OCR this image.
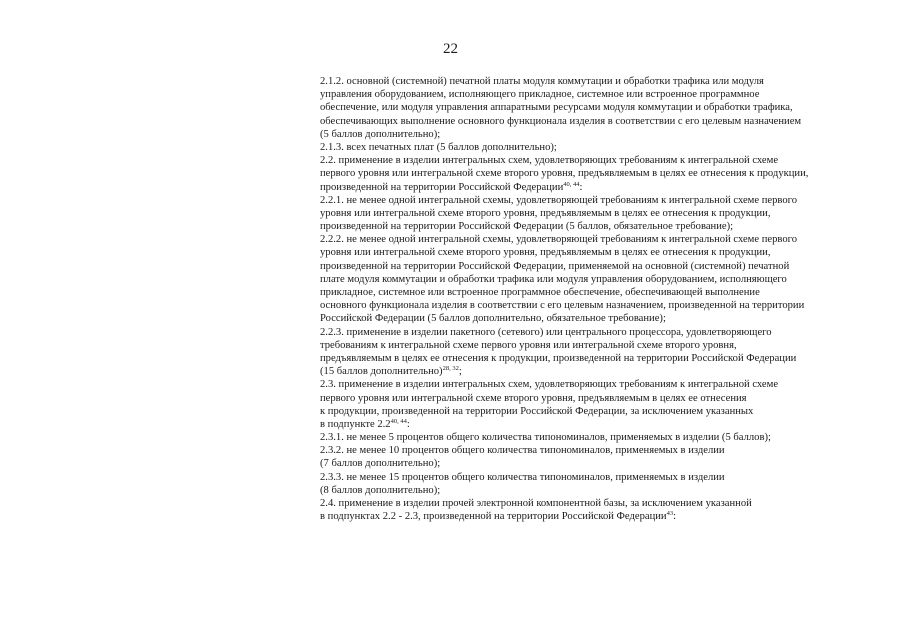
22
2.1.2. основной (системной) печатной платы модуля коммутации и обработки трафика или модуля
управления оборудованием, исполняющего прикладное, системное или встроенное программное
обеспечение, или модуля управления аппаратными ресурсами модуля коммутации и обработки трафика,
обеспечивающих выполнение основного функционала изделия в соответствии с его целевым назначением
(5 баллов дополнительно);
2.1.3. всех печатных плат (5 баллов дополнительно);
2.2. применение в изделии интегральных схем, удовлетворяющих требованиям к интегральной схеме
первого уровня или интегральной схеме второго уровня, предъявляемым в целях ее отнесения к продукции,
произведенной на территории Российской Федерации$^{40, 44}$:
2.2.1. не менее одной интегральной схемы, удовлетворяющей требованиям к интегральной схеме первого
уровня или интегральной схеме второго уровня, предъявляемым в целях ее отнесения к продукции,
произведенной на территории Российской Федерации (5 баллов, обязательное требование);
2.2.2. не менее одной интегральной схемы, удовлетворяющей требованиям к интегральной схеме первого
уровня или интегральной схеме второго уровня, предъявляемым в целях ее отнесения к продукции,
произведенной на территории Российской Федерации, применяемой на основной (системной) печатной
плате модуля коммутации и обработки трафика или модуля управления оборудованием, исполняющего
прикладное, системное или встроенное программное обеспечение, обеспечивающей выполнение
основного функционала изделия в соответствии с его целевым назначением, произведенной на территории
Российской Федерации (5 баллов дополнительно, обязательное требование);
2.2.3. применение в изделии пакетного (сетевого) или центрального процессора, удовлетворяющего
требованиям к интегральной схеме первого уровня или интегральной схеме второго уровня,
предъявляемым в целях ее отнесения к продукции, произведенной на территории Российской Федерации
(15 баллов дополнительно)$^{28, 32}$;
2.3. применение в изделии интегральных схем, удовлетворяющих требованиям к интегральной схеме
первого уровня или интегральной схеме второго уровня, предъявляемым в целях ее отнесения
к продукции, произведенной на территории Российской Федерации, за исключением указанных
в подпункте 2.2$^{40, 44}$:
2.3.1. не менее 5 процентов общего количества типономиналов, применяемых в изделии (5 баллов);
2.3.2. не менее 10 процентов общего количества типономиналов, применяемых в изделии
(7 баллов дополнительно);
2.3.3. не менее 15 процентов общего количества типономиналов, применяемых в изделии
(8 баллов дополнительно);
2.4. применение в изделии прочей электронной компонентной базы, за исключением указанной
в подпунктах 2.2 - 2.3, произведенной на территории Российской Федерации$^{43}$:
